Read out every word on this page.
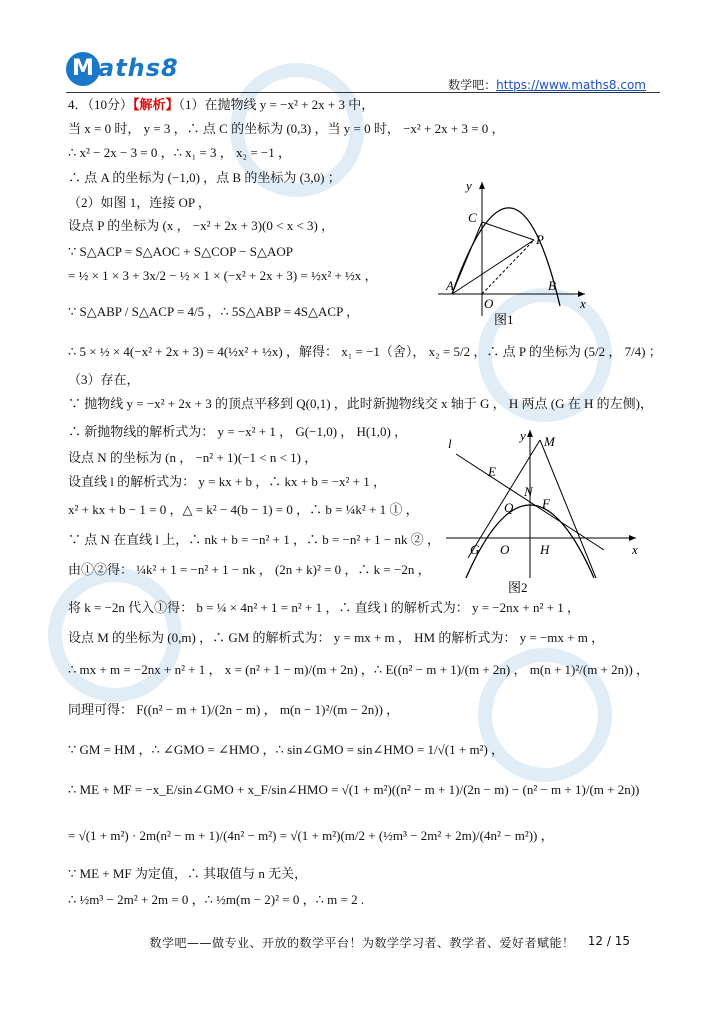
M aths8
数学吧：https://www.maths8.com
4．（10分）【解析】（1）在抛物线 y = −x² + 2x + 3 中，
当 x = 0 时， y = 3 ，∴ 点 C 的坐标为 (0,3) ，当 y = 0 时， −x² + 2x + 3 = 0 ，
∴ x² − 2x − 3 = 0 ，∴ x₁ = 3 ， x₂ = −1 ，
∴ 点 A 的坐标为 (−1,0) ，点 B 的坐标为 (3,0) ；
（2）如图 1，连接 OP ，
设点 P 的坐标为 (x ， −x² + 2x + 3)(0 < x < 3) ，
∵ S△ACP = S△AOC + S△COP − S△AOP
= ½ × 1 × 3 + 3x/2 − ½ × 1 × (−x² + 2x + 3) = ½x² + ½x ，
∵ S△ABP / S△ACP = 4/5 ，∴ 5S△ABP = 4S△ACP ，
∴ 5 × ½ × 4(−x² + 2x + 3) = 4(½x² + ½x) ，解得： x₁ = −1（舍）， x₂ = 5/2 ，∴ 点 P 的坐标为 (5/2 ， 7/4) ；
（3）存在，
∵ 抛物线 y = −x² + 2x + 3 的顶点平移到 Q(0,1) ，此时新抛物线交 x 轴于 G ， H 两点 (G 在 H 的左侧)，
∴ 新抛物线的解析式为： y = −x² + 1 ， G(−1,0) ， H(1,0) ，
设点 N 的坐标为 (n ， −n² + 1)(−1 < n < 1) ，
设直线 l 的解析式为： y = kx + b ，∴ kx + b = −x² + 1 ，
x² + kx + b − 1 = 0 ，△ = k² − 4(b − 1) = 0 ，∴ b = ¼k² + 1 ① ，
∵ 点 N 在直线 l 上，∴ nk + b = −n² + 1 ，∴ b = −n² + 1 − nk ② ，
由①②得： ¼k² + 1 = −n² + 1 − nk ， (2n + k)² = 0 ，∴ k = −2n ，
将 k = −2n 代入①得： b = ¼ × 4n² + 1 = n² + 1 ，∴ 直线 l 的解析式为： y = −2nx + n² + 1 ，
设点 M 的坐标为 (0,m) ，∴ GM 的解析式为： y = mx + m ， HM 的解析式为： y = −mx + m ，
∴ mx + m = −2nx + n² + 1 ， x = (n² + 1 − m)/(m + 2n) ，∴ E((n² − m + 1)/(m + 2n) ， m(n + 1)²/(m + 2n)) ，
同理可得： F((n² − m + 1)/(2n − m) ， m(n − 1)²/(m − 2n)) ，
∵ GM = HM ，∴ ∠GMO = ∠HMO ，∴ sin∠GMO = sin∠HMO = 1/√(1 + m²) ，
∴ ME + MF = −x_E/sin∠GMO + x_F/sin∠HMO = √(1 + m²)((n² − m + 1)/(2n − m) − (n² − m + 1)/(m + 2n))
= √(1 + m²) · 2m(n² − m + 1)/(4n² − m²) = √(1 + m²)(m/2 + (½m³ − 2m² + 2m)/(4n² − m²)) ，
∵ ME + MF 为定值，∴ 其取值与 n 无关，
∴ ½m³ − 2m² + 2m = 0 ，∴ ½m(m − 2)² = 0 ，∴ m = 2 .
y
x
C
P
A
O
B
图1
l
y M
E
N
F
Q
x
G O H
图2
数学吧——做专业、开放的数学平台！为数学学习者、教学者、爱好者赋能！	12 / 15
